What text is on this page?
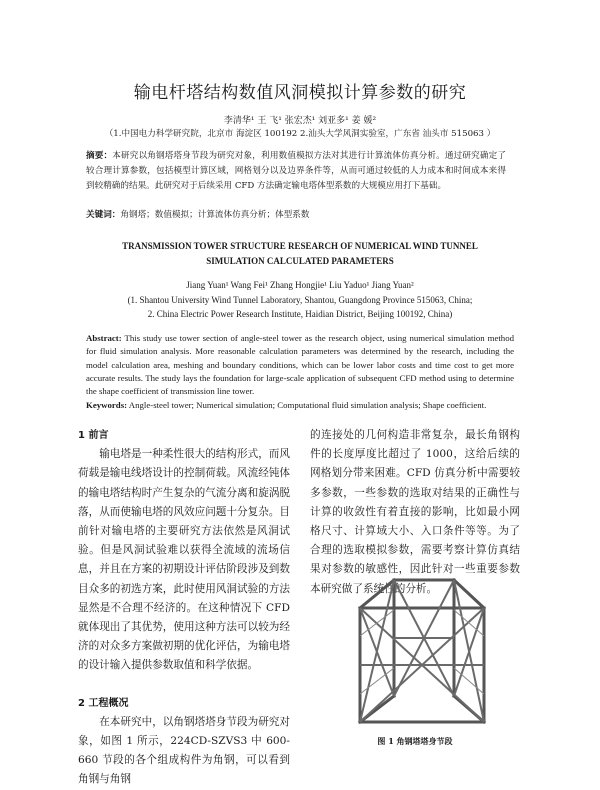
输电杆塔结构数值风洞模拟计算参数的研究
李清华¹ 王 飞¹ 张宏杰¹ 刘亚多¹ 姜 媛²
（1.中国电力科学研究院，北京市 海淀区 100192 2.汕头大学风洞实验室，广东省 汕头市 515063 ）
摘要：本研究以角钢塔塔身节段为研究对象，利用数值模拟方法对其进行计算流体仿真分析。通过研究确定了较合理计算参数，包括模型计算区域，网格划分以及边界条件等，从而可通过较低的人力成本和时间成本来得到较精确的结果。此研究对于后续采用 CFD 方法确定输电塔体型系数的大规模应用打下基础。
关键词：角钢塔；数值模拟；计算流体仿真分析；体型系数
TRANSMISSION TOWER STRUCTURE RESEARCH OF NUMERICAL WIND TUNNEL
SIMULATION CALCULATED PARAMETERS
Jiang Yuan¹ Wang Fei¹ Zhang Hongjie¹ Liu Yaduo¹ Jiang Yuan²
(1. Shantou University Wind Tunnel Laboratory, Shantou, Guangdong Province 515063, China;
2. China Electric Power Research Institute, Haidian District, Beijing 100192, China)
Abstract: This study use tower section of angle-steel tower as the research object, using numerical simulation method for fluid simulation analysis. More reasonable calculation parameters was determined by the research, including the model calculation area, meshing and boundary conditions, which can be lower labor costs and time cost to get more accurate results. The study lays the foundation for large-scale application of subsequent CFD method using to determine the shape coefficient of transmission line tower.
Keywords: Angle-steel tower; Numerical simulation; Computational fluid simulation analysis; Shape coefficient.
1 前言

输电塔是一种柔性很大的结构形式，而风荷载是输电线塔设计的控制荷载。风流经钝体的输电塔结构时产生复杂的气流分离和旋涡脱落，从而使输电塔的风效应问题十分复杂。目前针对输电塔的主要研究方法依然是风洞试验。但是风洞试验难以获得全流域的流场信息，并且在方案的初期设计评估阶段涉及到数目众多的初选方案，此时使用风洞试验的方法显然是不合理不经济的。在这种情况下 CFD 就体现出了其优势，使用这种方法可以较为经济的对众多方案做初期的优化评估，为输电塔的设计输入提供参数取值和科学依据。

2 工程概况

在本研究中，以角钢塔塔身节段为研究对象，如图 1 所示，224CD-SZVS3 中 600-660 节段的各个组成构件为角钢，可以看到角钢与角钢

的连接处的几何构造非常复杂，最长角钢构件的长度厚度比超过了 1000，这给后续的网格划分带来困难。CFD 仿真分析中需要较多参数，一些参数的选取对结果的正确性与计算的收敛性有着直接的影响，比如最小网格尺寸、计算域大小、入口条件等等。为了合理的选取模拟参数，需要考察计算仿真结果对参数的敏感性，因此针对一些重要参数本研究做了系统性的分析。

图 1 角钢塔塔身节段
